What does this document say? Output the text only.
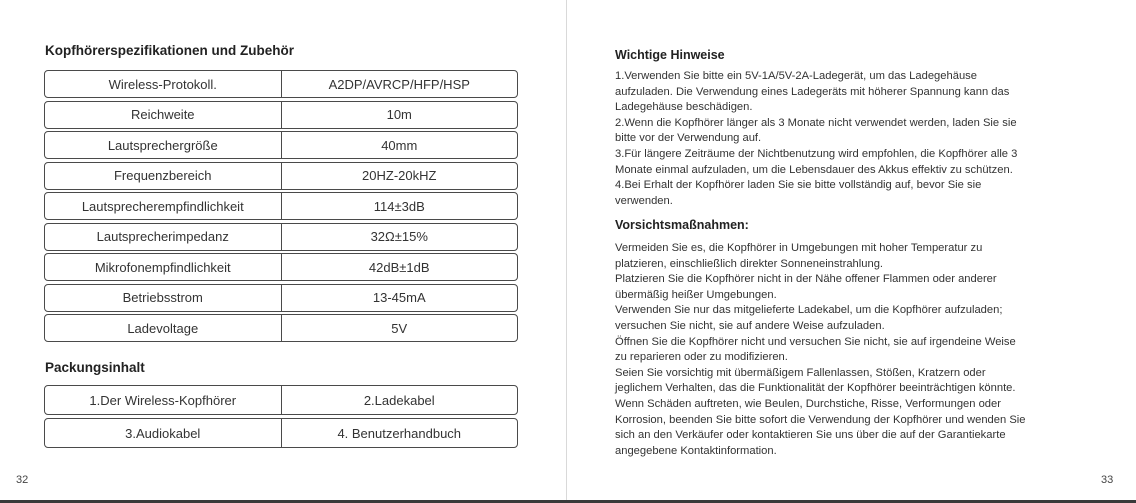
Kopfhörerspezifikationen und Zubehör
Wireless-Protokoll.	A2DP/AVRCP/HFP/HSP
Reichweite	10m
Lautsprechergröße	40mm
Frequenzbereich	20HZ-20kHZ
Lautsprecherempfindlichkeit	114±3dB
Lautsprecherimpedanz	32Ω±15%
Mikrofonempfindlichkeit	42dB±1dB
Betriebsstrom	13-45mA
Ladevoltage	5V
Packungsinhalt
1.Der Wireless-Kopfhörer	2.Ladekabel
3.Audiokabel	4. Benutzerhandbuch
32
Wichtige Hinweise

1.Verwenden Sie bitte ein 5V-1A/5V-2A-Ladegerät, um das Ladegehäuse

aufzuladen. Die Verwendung eines Ladegeräts mit höherer Spannung kann das

Ladegehäuse beschädigen.

2.Wenn die Kopfhörer länger als 3 Monate nicht verwendet werden, laden Sie sie

bitte vor der Verwendung auf.

3.Für längere Zeiträume der Nichtbenutzung wird empfohlen, die Kopfhörer alle 3

Monate einmal aufzuladen, um die Lebensdauer des Akkus effektiv zu schützen.

4.Bei Erhalt der Kopfhörer laden Sie sie bitte vollständig auf, bevor Sie sie

verwenden.

Vorsichtsmaßnahmen:

Vermeiden Sie es, die Kopfhörer in Umgebungen mit hoher Temperatur zu

platzieren, einschließlich direkter Sonneneinstrahlung.

Platzieren Sie die Kopfhörer nicht in der Nähe offener Flammen oder anderer

übermäßig heißer Umgebungen.

Verwenden Sie nur das mitgelieferte Ladekabel, um die Kopfhörer aufzuladen;

versuchen Sie nicht, sie auf andere Weise aufzuladen.

Öffnen Sie die Kopfhörer nicht und versuchen Sie nicht, sie auf irgendeine Weise

zu reparieren oder zu modifizieren.

Seien Sie vorsichtig mit übermäßigem Fallenlassen, Stößen, Kratzern oder

jeglichem Verhalten, das die Funktionalität der Kopfhörer beeinträchtigen könnte.

Wenn Schäden auftreten, wie Beulen, Durchstiche, Risse, Verformungen oder

Korrosion, beenden Sie bitte sofort die Verwendung der Kopfhörer und wenden Sie

sich an den Verkäufer oder kontaktieren Sie uns über die auf der Garantiekarte

angegebene Kontaktinformation.

33
